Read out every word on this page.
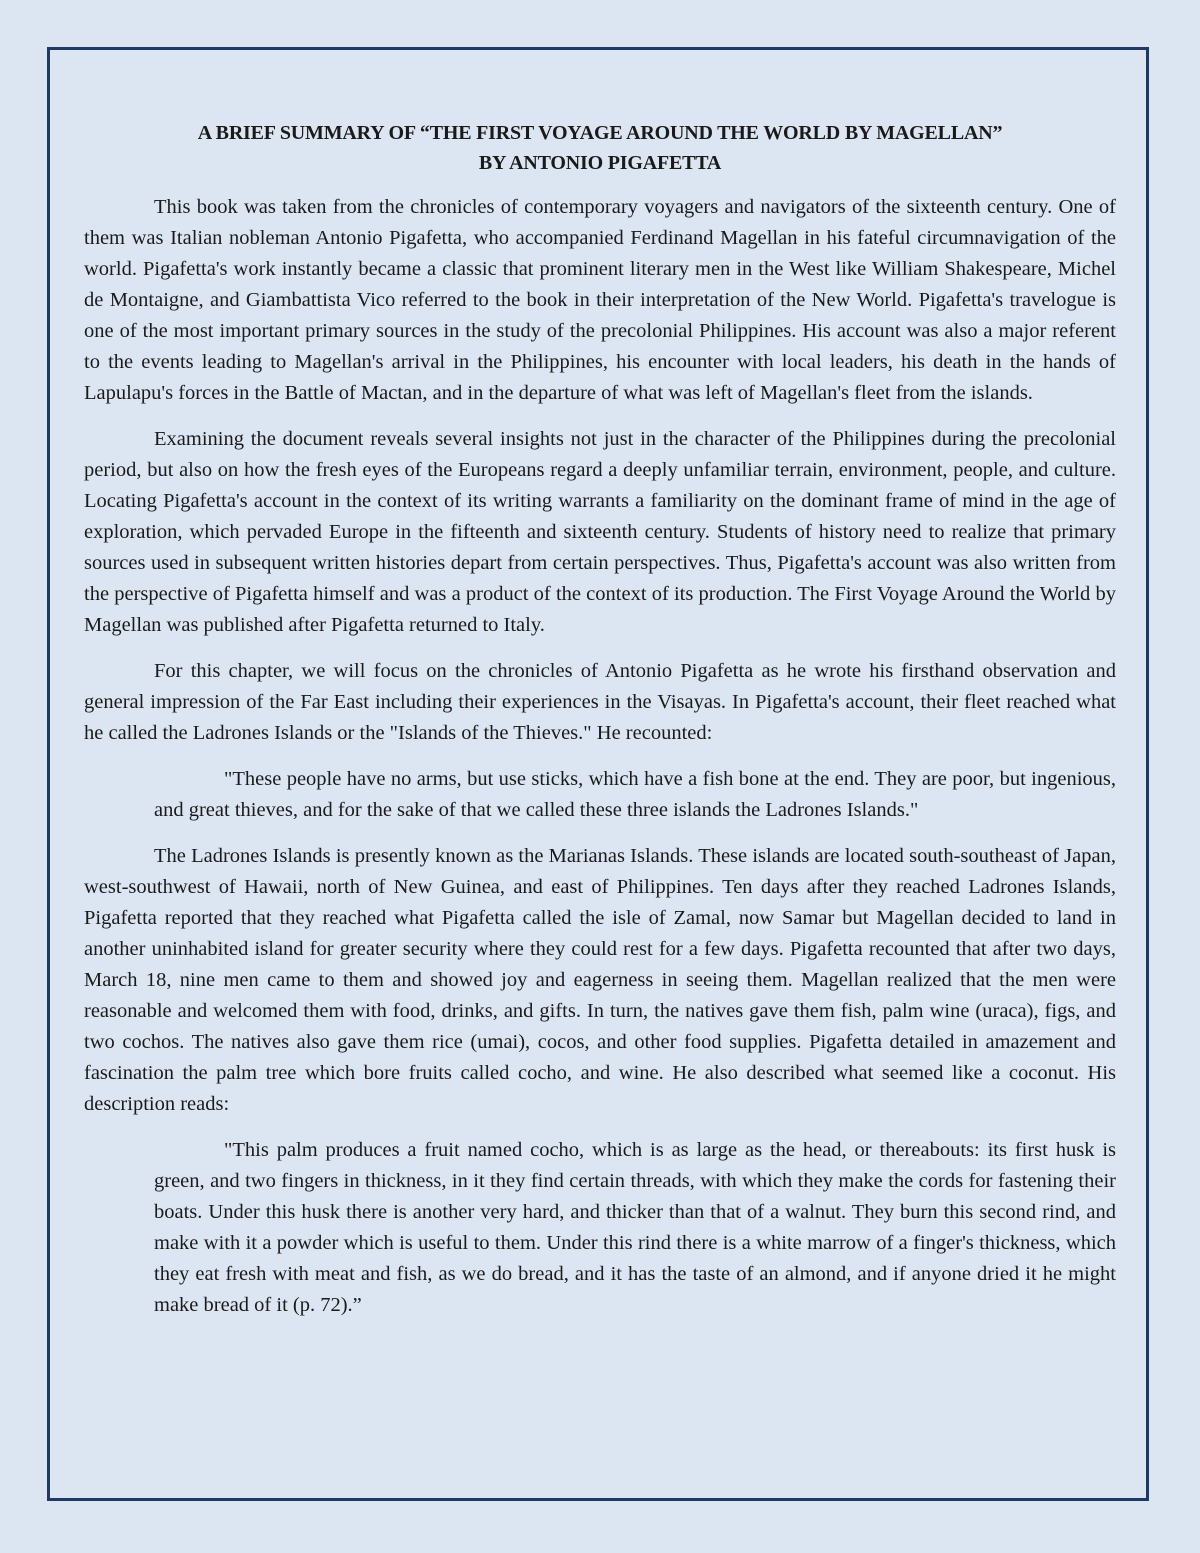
A BRIEF SUMMARY OF “THE FIRST VOYAGE AROUND THE WORLD BY MAGELLAN”
BY ANTONIO PIGAFETTA

This book was taken from the chronicles of contemporary voyagers and navigators of the sixteenth century. One of them was Italian nobleman Antonio Pigafetta, who accompanied Ferdinand Magellan in his fateful circumnavigation of the world. Pigafetta's work instantly became a classic that prominent literary men in the West like William Shakespeare, Michel de Montaigne, and Giambattista Vico referred to the book in their interpretation of the New World. Pigafetta's travelogue is one of the most important primary sources in the study of the precolonial Philippines. His account was also a major referent to the events leading to Magellan's arrival in the Philippines, his encounter with local leaders, his death in the hands of Lapulapu's forces in the Battle of Mactan, and in the departure of what was left of Magellan's fleet from the islands.

Examining the document reveals several insights not just in the character of the Philippines during the precolonial period, but also on how the fresh eyes of the Europeans regard a deeply unfamiliar terrain, environment, people, and culture. Locating Pigafetta's account in the context of its writing warrants a familiarity on the dominant frame of mind in the age of exploration, which pervaded Europe in the fifteenth and sixteenth century. Students of history need to realize that primary sources used in subsequent written histories depart from certain perspectives. Thus, Pigafetta's account was also written from the perspective of Pigafetta himself and was a product of the context of its production. The First Voyage Around the World by Magellan was published after Pigafetta returned to Italy.

For this chapter, we will focus on the chronicles of Antonio Pigafetta as he wrote his firsthand observation and general impression of the Far East including their experiences in the Visayas. In Pigafetta's account, their fleet reached what he called the Ladrones Islands or the "Islands of the Thieves." He recounted:

"These people have no arms, but use sticks, which have a fish bone at the end. They are poor, but ingenious, and great thieves, and for the sake of that we called these three islands the Ladrones Islands."

The Ladrones Islands is presently known as the Marianas Islands. These islands are located south-southeast of Japan, west-southwest of Hawaii, north of New Guinea, and east of Philippines. Ten days after they reached Ladrones Islands, Pigafetta reported that they reached what Pigafetta called the isle of Zamal, now Samar but Magellan decided to land in another uninhabited island for greater security where they could rest for a few days. Pigafetta recounted that after two days, March 18, nine men came to them and showed joy and eagerness in seeing them. Magellan realized that the men were reasonable and welcomed them with food, drinks, and gifts. In turn, the natives gave them fish, palm wine (uraca), figs, and two cochos. The natives also gave them rice (umai), cocos, and other food supplies. Pigafetta detailed in amazement and fascination the palm tree which bore fruits called cocho, and wine. He also described what seemed like a coconut. His description reads:

"This palm produces a fruit named cocho, which is as large as the head, or thereabouts: its first husk is green, and two fingers in thickness, in it they find certain threads, with which they make the cords for fastening their boats. Under this husk there is another very hard, and thicker than that of a walnut. They burn this second rind, and make with it a powder which is useful to them. Under this rind there is a white marrow of a finger's thickness, which they eat fresh with meat and fish, as we do bread, and it has the taste of an almond, and if anyone dried it he might make bread of it (p. 72).”
